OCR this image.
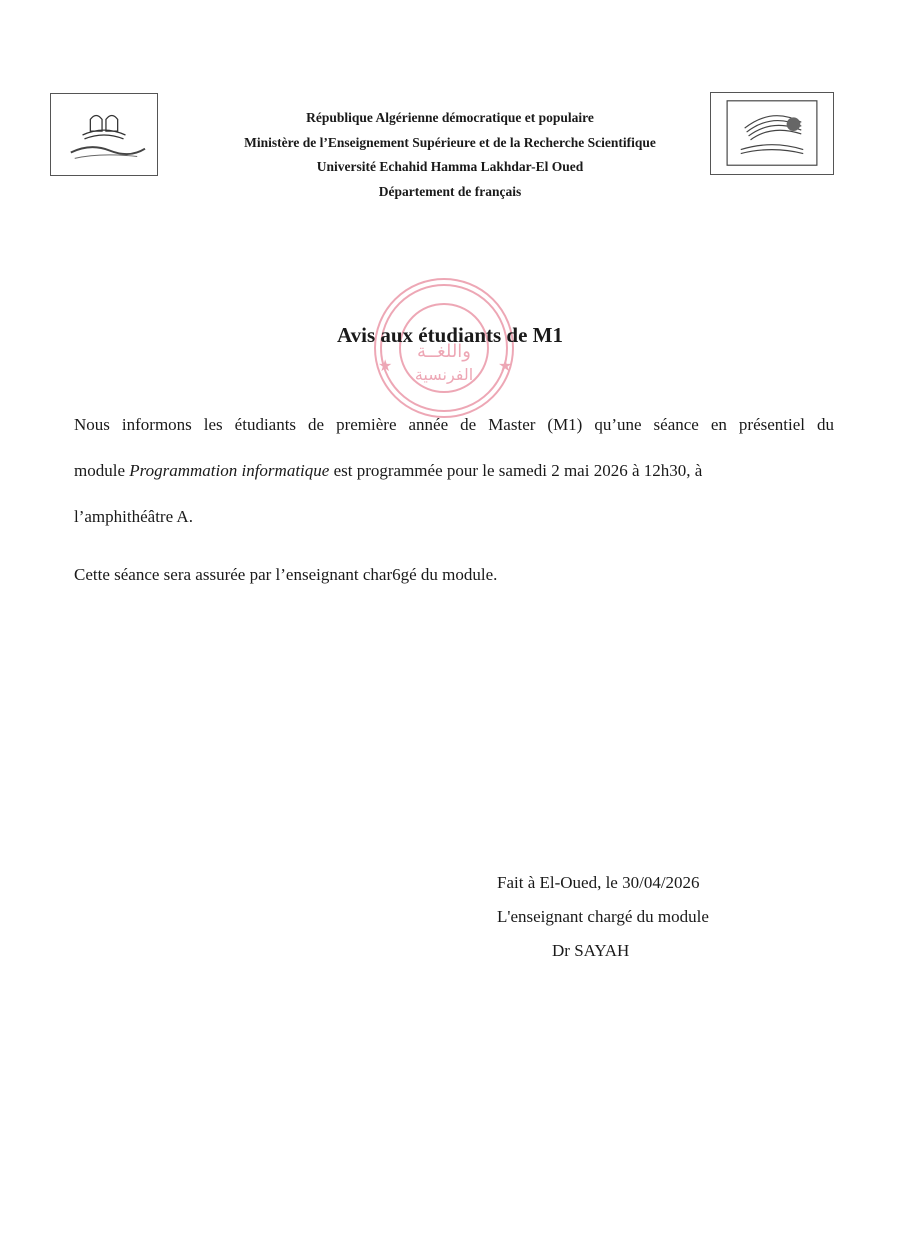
République Algérienne démocratique et populaire
Ministère de l’Enseignement Supérieure et de la Recherche Scientifique
Université Echahid Hamma Lakhdar-El Oued
Département de français
★	★
واللغــة
الفرنسية
Avis aux étudiants de M1
Nous informons les étudiants de première année de Master (M1) qu’une séance en présentiel du
module Programmation informatique est programmée pour le samedi 2 mai 2026 à 12h30, à
l’amphithéâtre A.
Cette séance sera assurée par l’enseignant char6gé du module.
Fait à El-Oued, le 30/04/2026
L'enseignant chargé du module
Dr SAYAH
